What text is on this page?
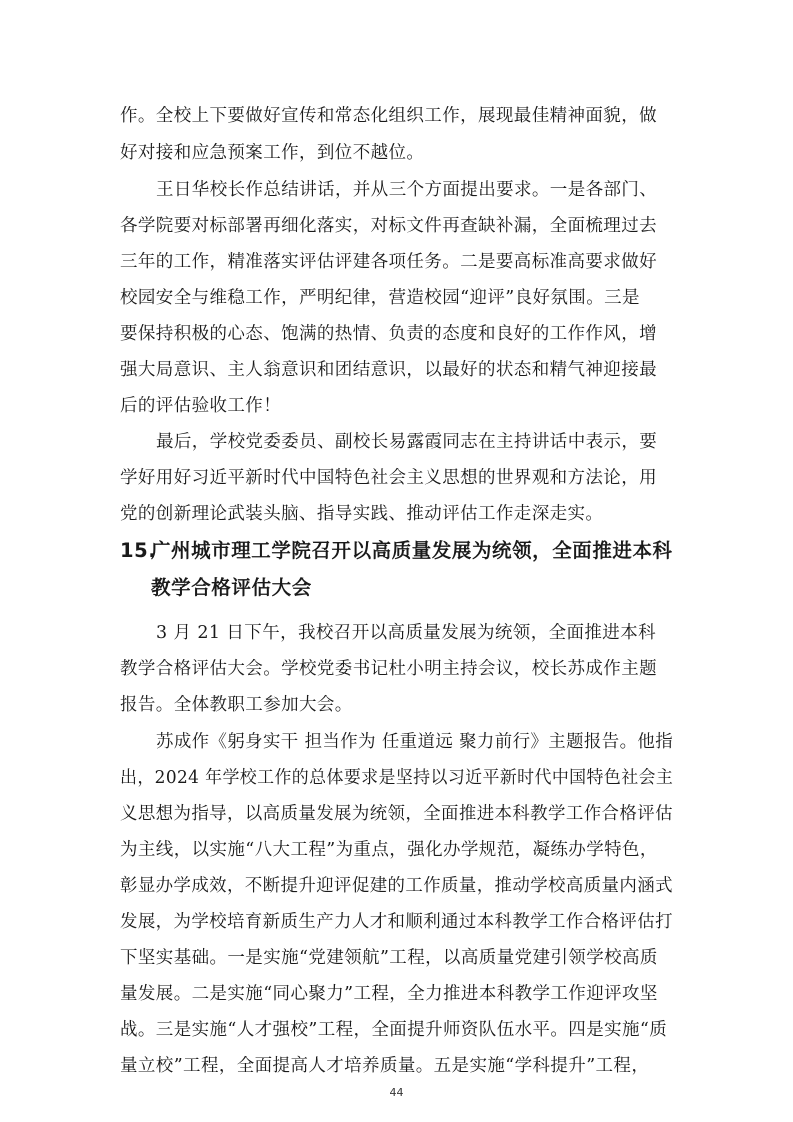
作。全校上下要做好宣传和常态化组织工作，展现最佳精神面貌，做
好对接和应急预案工作，到位不越位。
王日华校长作总结讲话，并从三个方面提出要求。一是各部门、
各学院要对标部署再细化落实，对标文件再查缺补漏，全面梳理过去
三年的工作，精准落实评估评建各项任务。二是要高标准高要求做好
校园安全与维稳工作，严明纪律，营造校园“迎评”良好氛围。三是
要保持积极的心态、饱满的热情、负责的态度和良好的工作作风，增
强大局意识、主人翁意识和团结意识，以最好的状态和精气神迎接最
后的评估验收工作！
最后，学校党委委员、副校长易露霞同志在主持讲话中表示，要
学好用好习近平新时代中国特色社会主义思想的世界观和方法论，用
党的创新理论武装头脑、指导实践、推动评估工作走深走实。
15.
广州城市理工学院召开以高质量发展为统领，全面推进本科
教学合格评估大会
3 月 21 日下午，我校召开以高质量发展为统领，全面推进本科
教学合格评估大会。学校党委书记杜小明主持会议，校长苏成作主题
报告。全体教职工参加大会。
苏成作《躬身实干 担当作为 任重道远 聚力前行》主题报告。他指
出，2024 年学校工作的总体要求是坚持以习近平新时代中国特色社会主
义思想为指导，以高质量发展为统领，全面推进本科教学工作合格评估
为主线，以实施“八大工程”为重点，强化办学规范，凝练办学特色，
彰显办学成效，不断提升迎评促建的工作质量，推动学校高质量内涵式
发展，为学校培育新质生产力人才和顺利通过本科教学工作合格评估打
下坚实基础。一是实施“党建领航”工程，以高质量党建引领学校高质
量发展。二是实施“同心聚力”工程，全力推进本科教学工作迎评攻坚
战。三是实施“人才强校”工程，全面提升师资队伍水平。四是实施“质
量立校”工程，全面提高人才培养质量。五是实施“学科提升”工程，
44
